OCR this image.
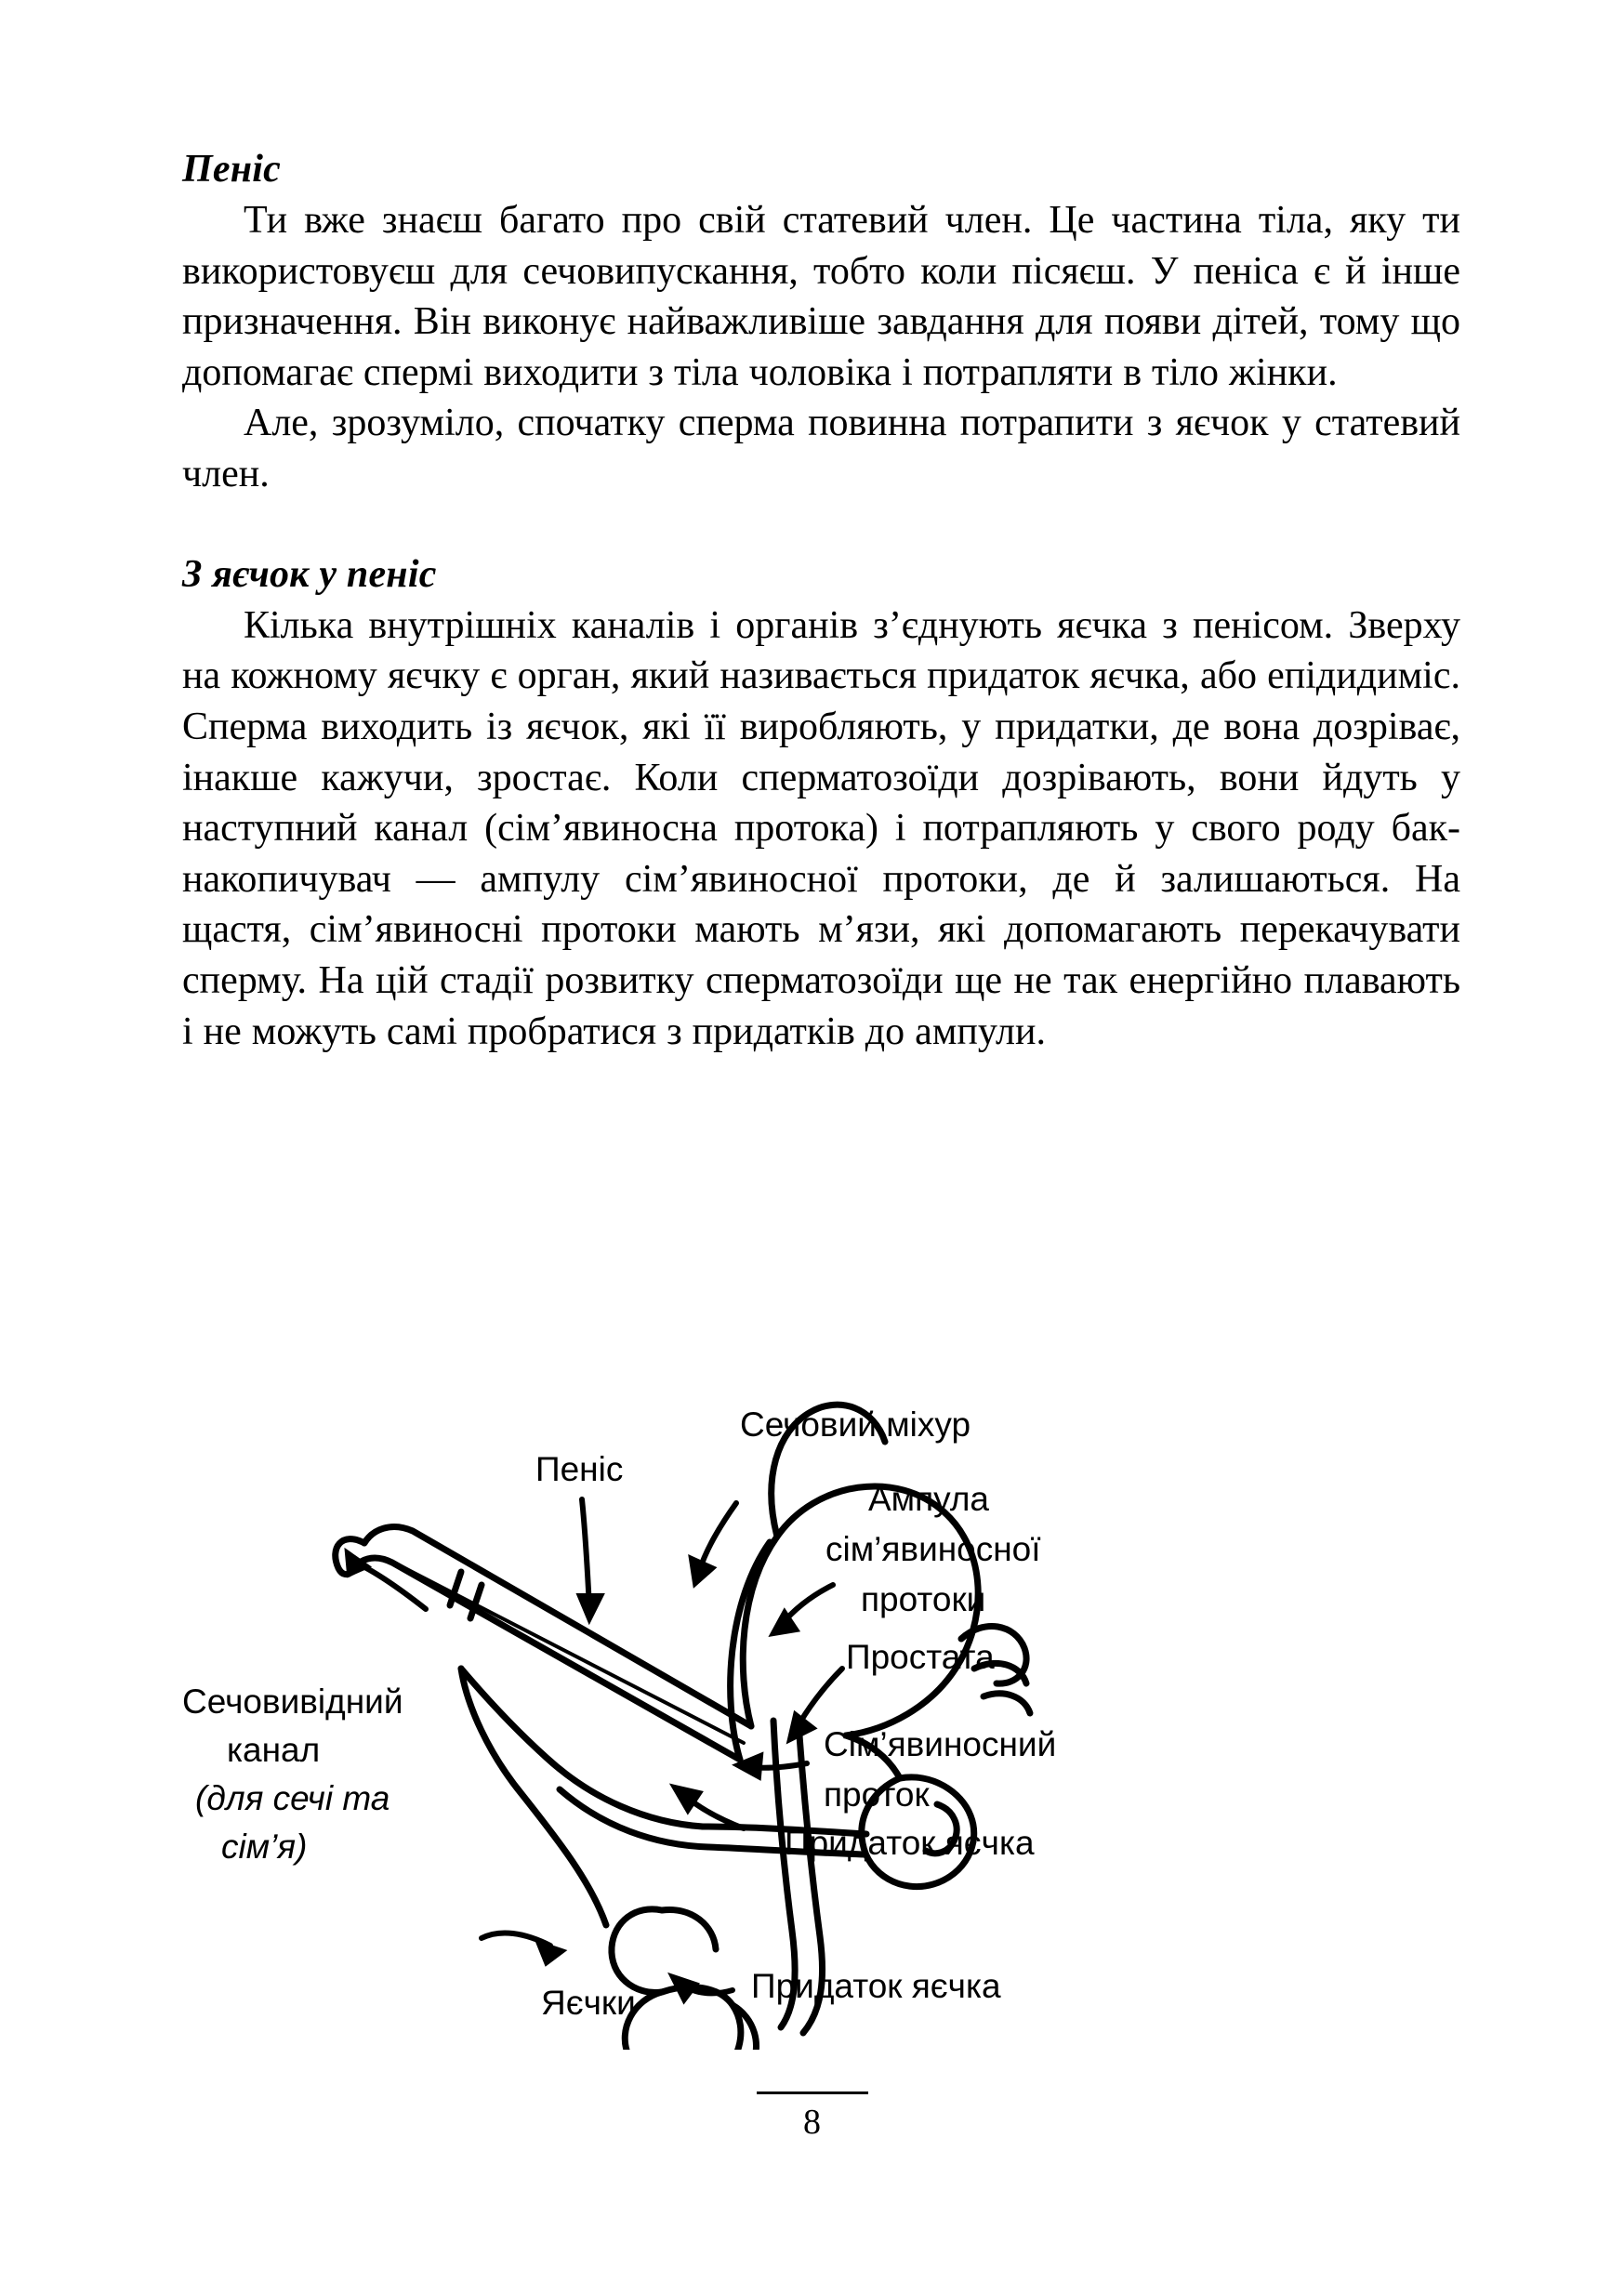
Пеніс

Ти вже знаєш багато про свій статевий член. Це частина тіла, яку ти використовуєш для сечовипускання, тобто коли пісяєш. У пеніса є й інше призначення. Він виконує найважливіше завдання для появи дітей, тому що допомагає спермі виходити з тіла чоловіка і потрапляти в тіло жінки.

Але, зрозуміло, спочатку сперма повинна потрапити з яєчок у статевий член.

З яєчок у пеніс

Кілька внутрішніх каналів і органів з’єднують яєчка з пенісом. Зверху на кожному яєчку є орган, який називається придаток яєчка, або епідидиміс. Сперма виходить із яєчок, які її виробляють, у придатки, де вона дозріває, інакше кажучи, зростає. Коли сперматозоїди дозрівають, вони йдуть у наступний канал (сім’явиносна протока) і потрапляють у свого роду бак-накопичувач — ампулу сім’явиносної протоки, де й залишаються. На щастя, сім’явиносні протоки мають м’язи, які допомагають перекачувати сперму. На цій стадії розвитку сперматозоїди ще не так енергійно плавають і не можуть самі пробратися з придатків до ампули.

Пеніс
Сечовий міхур
Ампула
сім’явиносної
протоки
Простата
Сім’явиносний
проток
Придаток яєчка
Придаток яєчка
Яєчки
Сечовивідний
канал
(для сечі та
сім’я)
8
